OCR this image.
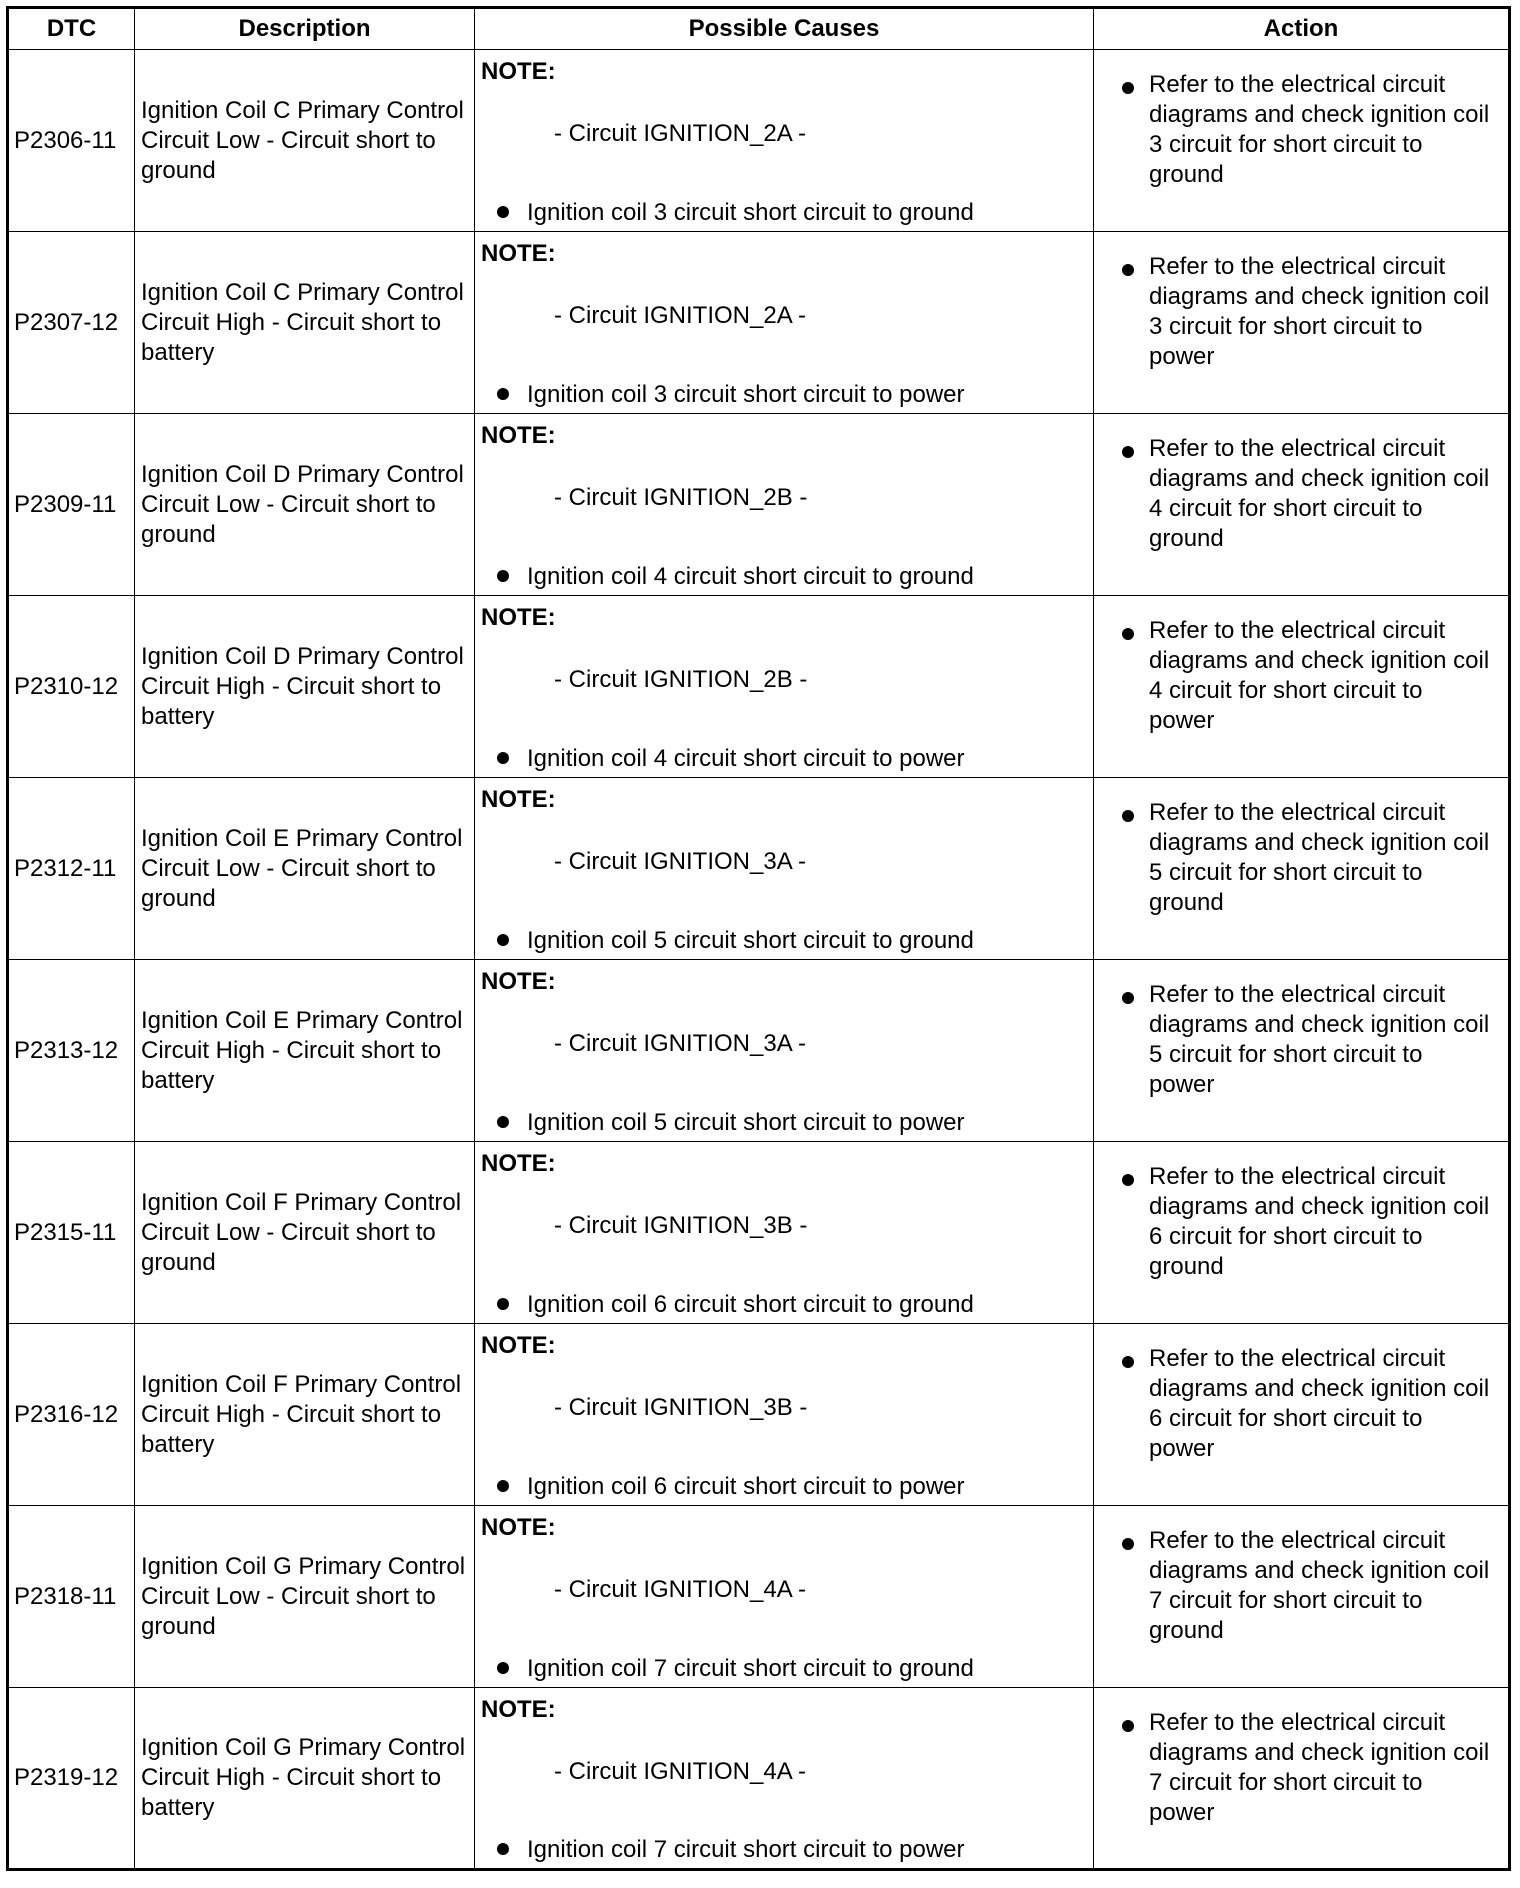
DTC	Description	Possible Causes	Action
P2306-11	Ignition Coil C Primary Control Circuit Low - Circuit short to ground	NOTE:
- Circuit IGNITION_2A -
Ignition coil 3 circuit short circuit to ground	Refer to the electrical circuit diagrams and check ignition coil 3 circuit for short circuit to ground

P2307-12	Ignition Coil C Primary Control Circuit High - Circuit short to battery	NOTE:
- Circuit IGNITION_2A -
Ignition coil 3 circuit short circuit to power	Refer to the electrical circuit diagrams and check ignition coil 3 circuit for short circuit to power

P2309-11	Ignition Coil D Primary Control Circuit Low - Circuit short to ground	NOTE:
- Circuit IGNITION_2B -
Ignition coil 4 circuit short circuit to ground	Refer to the electrical circuit diagrams and check ignition coil 4 circuit for short circuit to ground

P2310-12	Ignition Coil D Primary Control Circuit High - Circuit short to battery	NOTE:
- Circuit IGNITION_2B -
Ignition coil 4 circuit short circuit to power	Refer to the electrical circuit diagrams and check ignition coil 4 circuit for short circuit to power

P2312-11	Ignition Coil E Primary Control Circuit Low - Circuit short to ground	NOTE:
- Circuit IGNITION_3A -
Ignition coil 5 circuit short circuit to ground	Refer to the electrical circuit diagrams and check ignition coil 5 circuit for short circuit to ground

P2313-12	Ignition Coil E Primary Control Circuit High - Circuit short to battery	NOTE:
- Circuit IGNITION_3A -
Ignition coil 5 circuit short circuit to power	Refer to the electrical circuit diagrams and check ignition coil 5 circuit for short circuit to power

P2315-11	Ignition Coil F Primary Control Circuit Low - Circuit short to ground	NOTE:
- Circuit IGNITION_3B -
Ignition coil 6 circuit short circuit to ground	Refer to the electrical circuit diagrams and check ignition coil 6 circuit for short circuit to ground

P2316-12	Ignition Coil F Primary Control Circuit High - Circuit short to battery	NOTE:
- Circuit IGNITION_3B -
Ignition coil 6 circuit short circuit to power	Refer to the electrical circuit diagrams and check ignition coil 6 circuit for short circuit to power

P2318-11	Ignition Coil G Primary Control Circuit Low - Circuit short to ground	NOTE:
- Circuit IGNITION_4A -
Ignition coil 7 circuit short circuit to ground	Refer to the electrical circuit diagrams and check ignition coil 7 circuit for short circuit to ground

P2319-12	Ignition Coil G Primary Control Circuit High - Circuit short to battery	NOTE:
- Circuit IGNITION_4A -
Ignition coil 7 circuit short circuit to power	Refer to the electrical circuit diagrams and check ignition coil 7 circuit for short circuit to power
